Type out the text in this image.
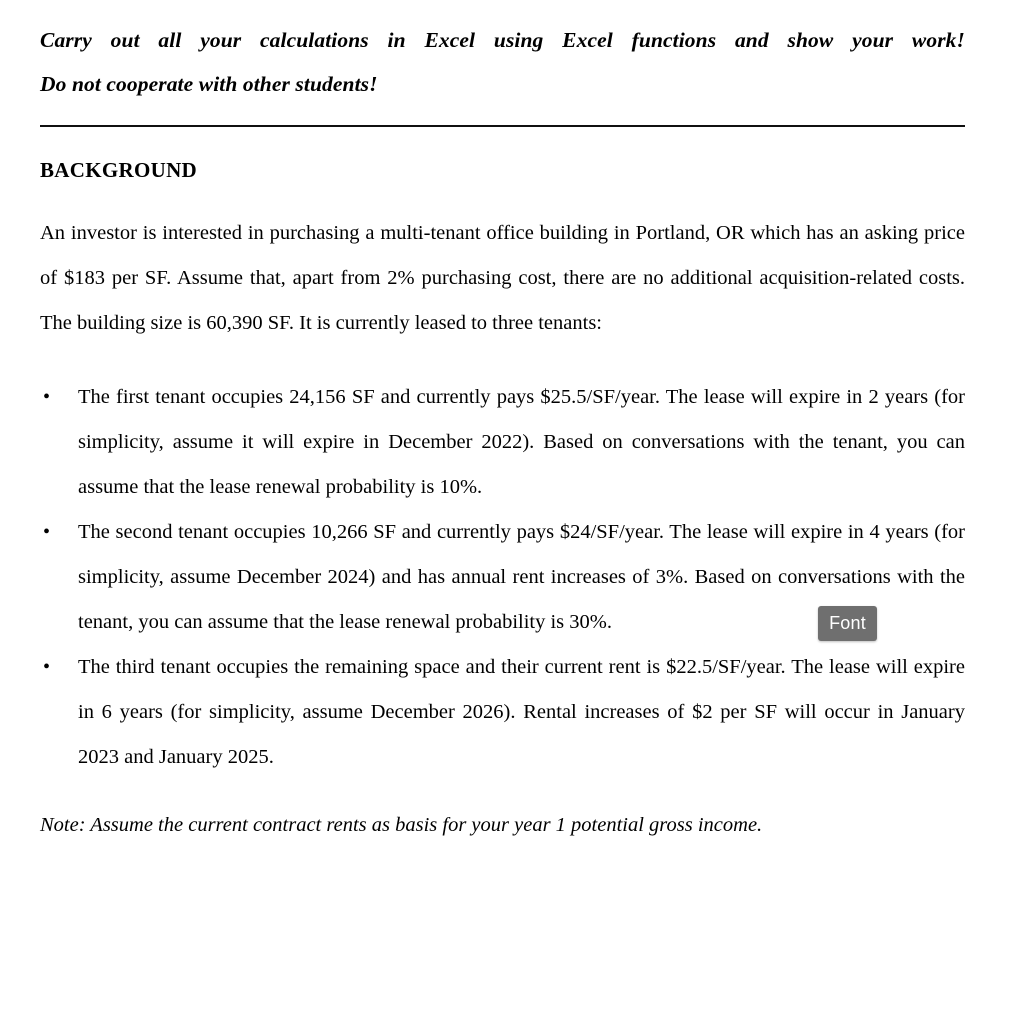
Carry out all your calculations in Excel using Excel functions and show your work!
Do not cooperate with other students!
BACKGROUND
An investor is interested in purchasing a multi-tenant office building in Portland, OR which has an asking price of $183 per SF. Assume that, apart from 2% purchasing cost, there are no additional acquisition-related costs. The building size is 60,390 SF. It is currently leased to three tenants:
•	The first tenant occupies 24,156 SF and currently pays $25.5/SF/year. The lease will expire in 2 years (for simplicity, assume it will expire in December 2022). Based on conversations with the tenant, you can assume that the lease renewal probability is 10%.
•	The second tenant occupies 10,266 SF and currently pays $24/SF/year. The lease will expire in 4 years (for simplicity, assume December 2024) and has annual rent increases of 3%. Based on conversations with the tenant, you can assume that the lease renewal probability is 30%.
•	The third tenant occupies the remaining space and their current rent is $22.5/SF/year. The lease will expire in 6 years (for simplicity, assume December 2026). Rental increases of $2 per SF will occur in January 2023 and January 2025.
Note: Assume the current contract rents as basis for your year 1 potential gross income.
Font
